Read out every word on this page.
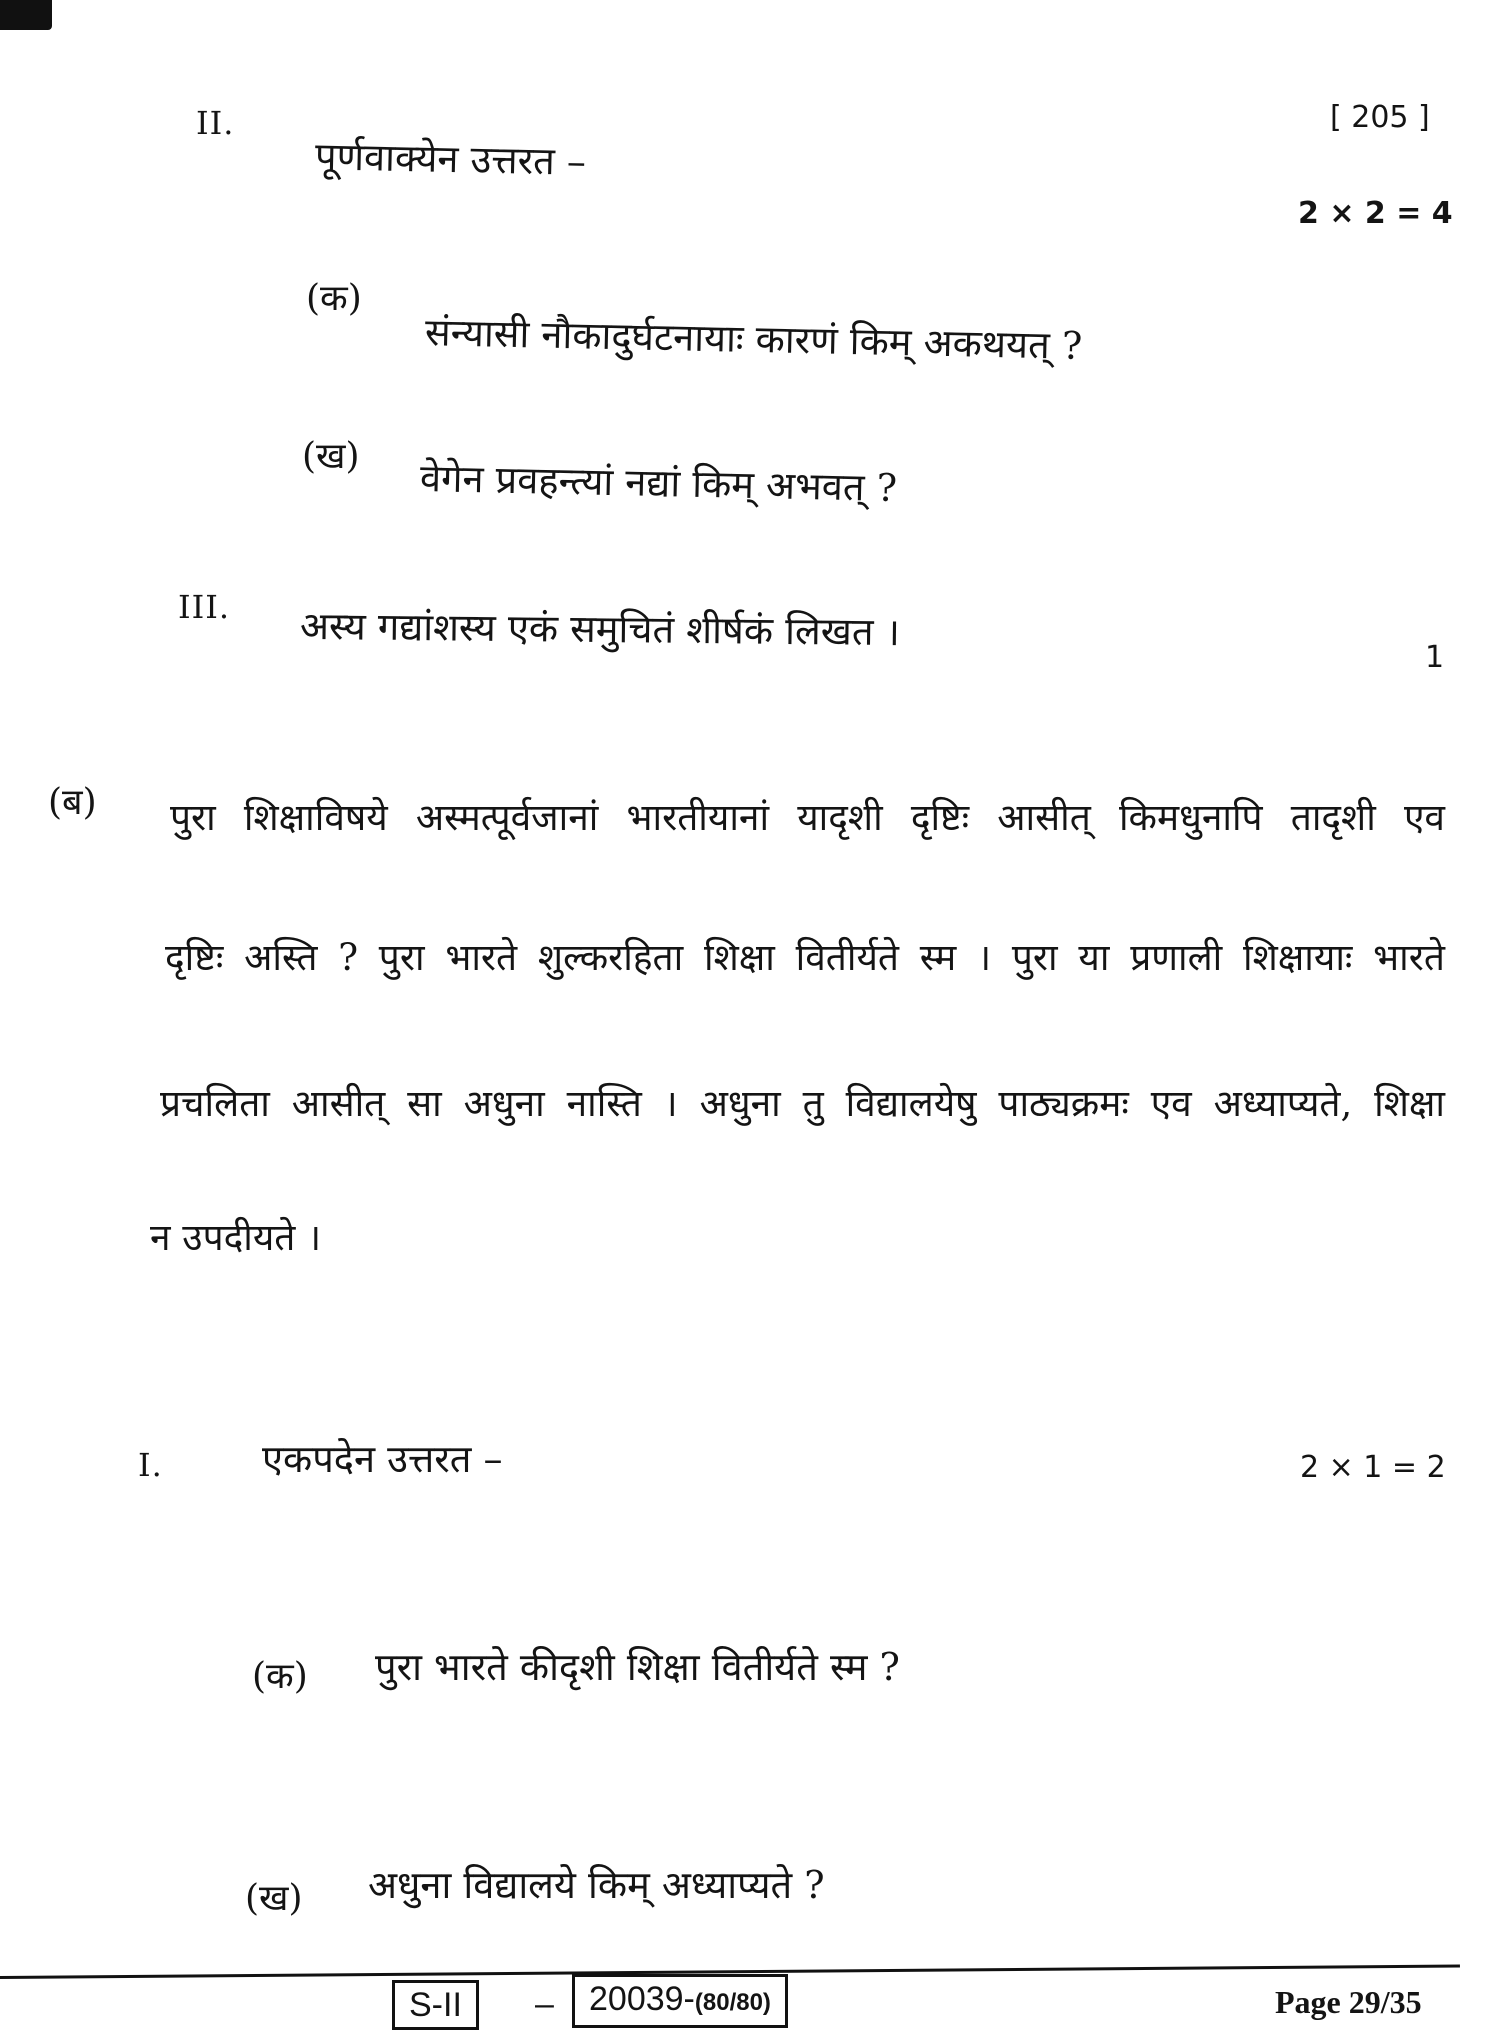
II.
पूर्णवाक्येन उत्तरत –
[ 205 ]
2 × 2 = 4
(क)
संन्यासी नौकादुर्घटनायाः कारणं किम् अकथयत् ?
(ख) वेगेन प्रवहन्त्यां नद्यां किम् अभवत् ?
III. अस्य गद्यांशस्य एकं समुचितं शीर्षकं लिखत ।
1
(ब) पुरा शिक्षाविषये अस्मत्पूर्वजानां भारतीयानां यादृशी दृष्टिः आसीत् किमधुनापि तादृशी एव
दृष्टिः अस्ति ? पुरा भारते शुल्करहिता शिक्षा वितीर्यते स्म । पुरा या प्रणाली शिक्षायाः भारते
प्रचलिता आसीत् सा अधुना नास्ति । अधुना तु विद्यालयेषु पाठ्यक्रमः एव अध्याप्यते, शिक्षा
न उपदीयते ।
I.	एकपदेन उत्तरत –	2 × 1 = 2
(क) पुरा भारते कीदृशी शिक्षा वितीर्यते स्म ?
(ख) अधुना विद्यालये किम् अध्याप्यते ?
S-II	–	20039-(80/80)	Page 29/35
